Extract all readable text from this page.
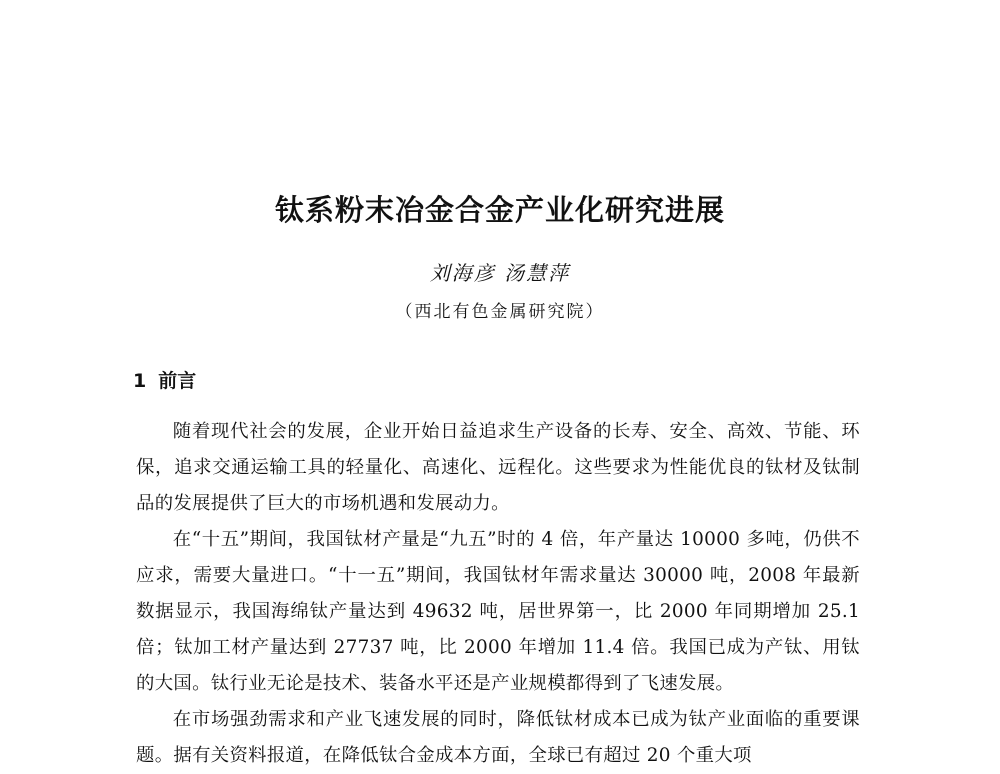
钛系粉末冶金合金产业化研究进展
刘海彦 汤慧萍
（西北有色金属研究院）
1 前言

随着现代社会的发展，企业开始日益追求生产设备的长寿、安全、高效、节能、环保，追求交通运输工具的轻量化、高速化、远程化。这些要求为性能优良的钛材及钛制品的发展提供了巨大的市场机遇和发展动力。

在“十五”期间，我国钛材产量是“九五”时的 4 倍，年产量达 10000 多吨，仍供不应求，需要大量进口。“十一五”期间，我国钛材年需求量达 30000 吨，2008 年最新数据显示，我国海绵钛产量达到 49632 吨，居世界第一，比 2000 年同期增加 25.1 倍；钛加工材产量达到 27737 吨，比 2000 年增加 11.4 倍。我国已成为产钛、用钛的大国。钛行业无论是技术、装备水平还是产业规模都得到了飞速发展。

在市场强劲需求和产业飞速发展的同时，降低钛材成本已成为钛产业面临的重要课题。据有关资料报道，在降低钛合金成本方面，全球已有超过 20 个重大项
